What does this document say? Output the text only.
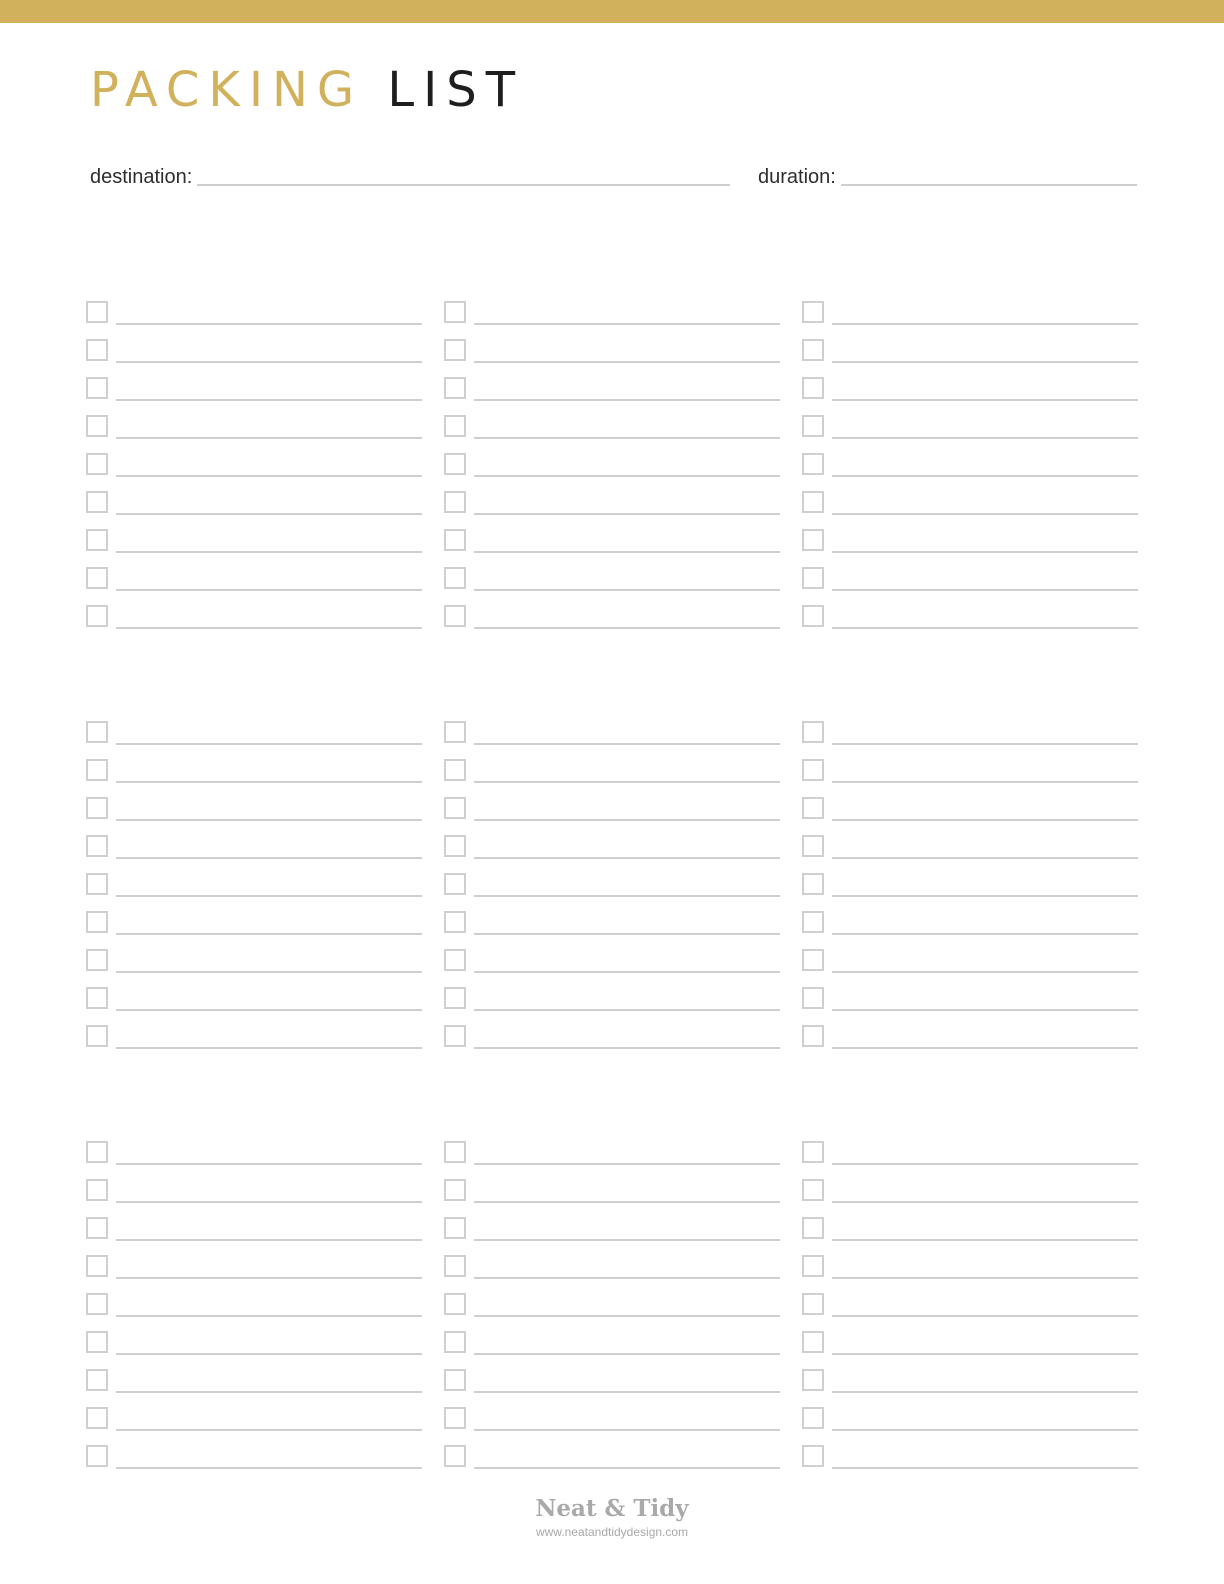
PACKING LIST
destination:	duration:
Neat & Tidy
www.neatandtidydesign.com
